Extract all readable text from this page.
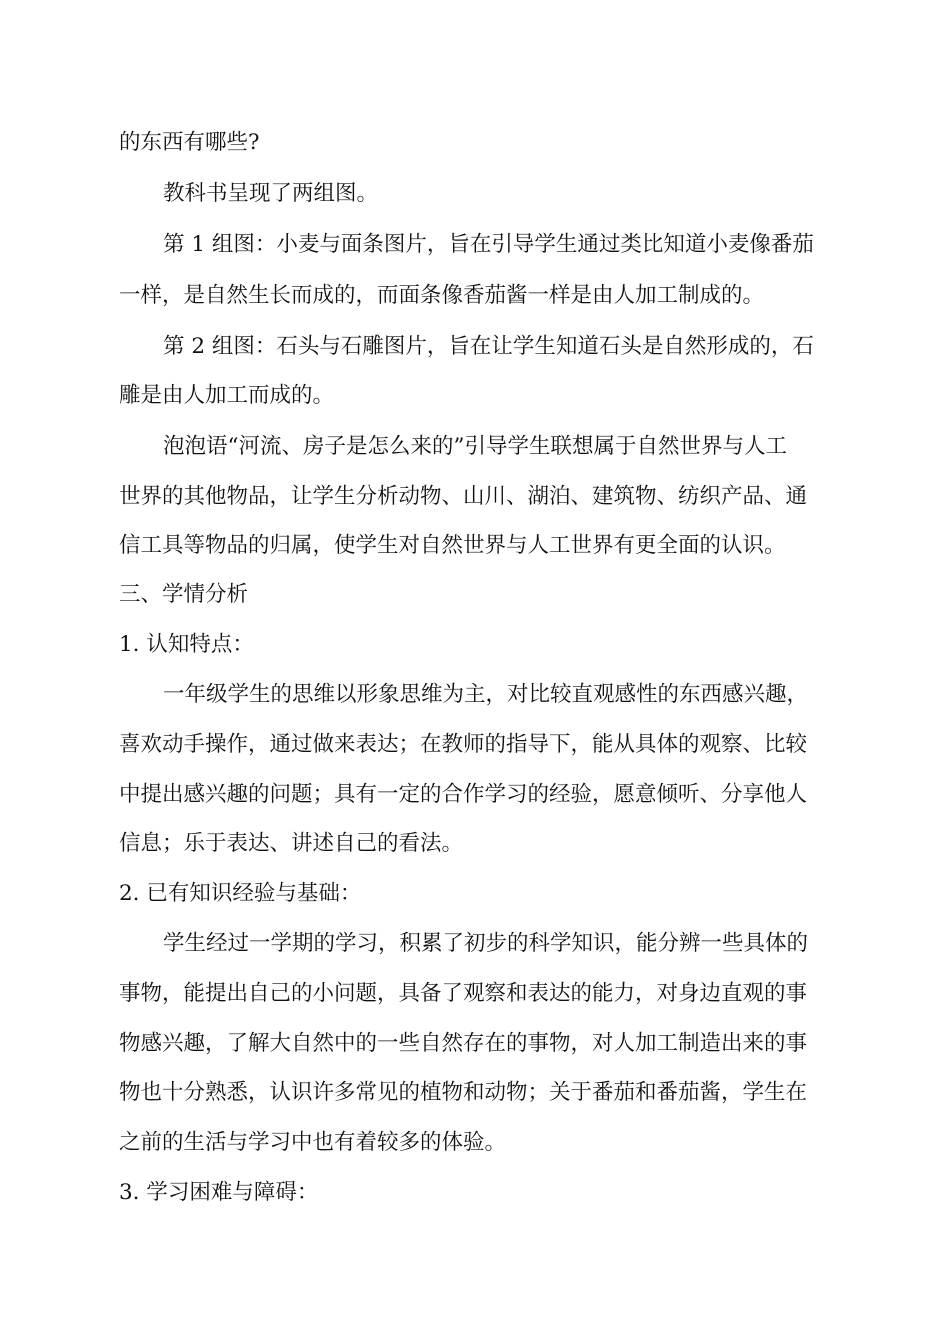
的东西有哪些?
教科书呈现了两组图。
第 1 组图：小麦与面条图片，旨在引导学生通过类比知道小麦像番茄
一样，是自然生长而成的，而面条像香茄酱一样是由人加工制成的。
第 2 组图：石头与石雕图片，旨在让学生知道石头是自然形成的，石
雕是由人加工而成的。
泡泡语“河流、房子是怎么来的”引导学生联想属于自然世界与人工
世界的其他物品，让学生分析动物、山川、湖泊、建筑物、纺织产品、通
信工具等物品的归属，使学生对自然世界与人工世界有更全面的认识。
三、学情分析
1. 认知特点：
一年级学生的思维以形象思维为主，对比较直观感性的东西感兴趣，
喜欢动手操作，通过做来表达；在教师的指导下，能从具体的观察、比较
中提出感兴趣的问题；具有一定的合作学习的经验，愿意倾听、分享他人
信息；乐于表达、讲述自己的看法。
2. 已有知识经验与基础：
学生经过一学期的学习，积累了初步的科学知识，能分辨一些具体的
事物，能提出自己的小问题，具备了观察和表达的能力，对身边直观的事
物感兴趣，了解大自然中的一些自然存在的事物，对人加工制造出来的事
物也十分熟悉，认识许多常见的植物和动物；关于番茄和番茄酱，学生在
之前的生活与学习中也有着较多的体验。
3. 学习困难与障碍：
